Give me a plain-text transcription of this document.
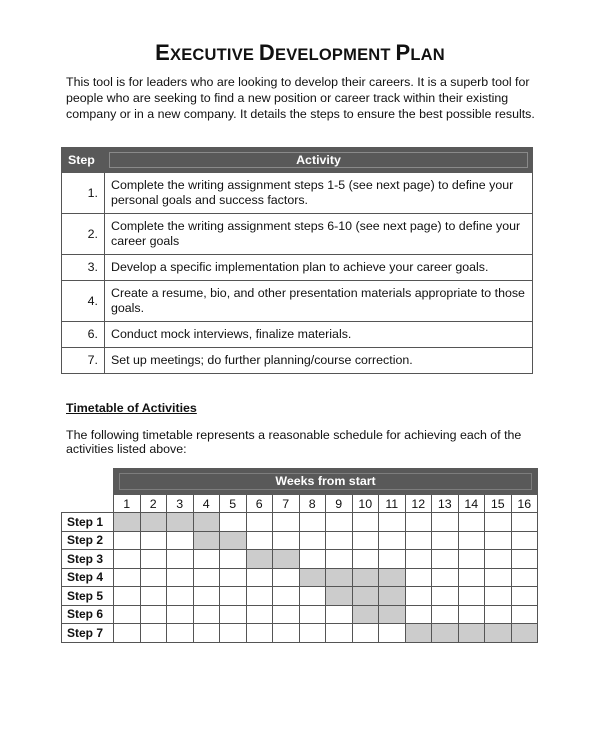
EXECUTIVE DEVELOPMENT PLAN
This tool is for leaders who are looking to develop their careers. It is a superb tool for people who are seeking to find a new position or career track within their existing company or in a new company. It details the steps to ensure the best possible results.
Step	Activity

1.	Complete the writing assignment steps 1-5 (see next page) to define your personal goals and success factors.
2.	Complete the writing assignment steps 6-10 (see next page) to define your career goals
3.	Develop a specific implementation plan to achieve your career goals.
4.	Create a resume, bio, and other presentation materials appropriate to those goals.
6.	Conduct mock interviews, finalize materials.
7.	Set up meetings; do further planning/course correction.
Timetable of Activities
The following timetable represents a reasonable schedule for achieving each of the activities listed above:

	Weeks from start															

	1	2	3	4	5	6	7	8	9	10	11	12	13	14	15	16
Step 1																
Step 2																
Step 3																
Step 4																
Step 5																
Step 6																
Step 7																
